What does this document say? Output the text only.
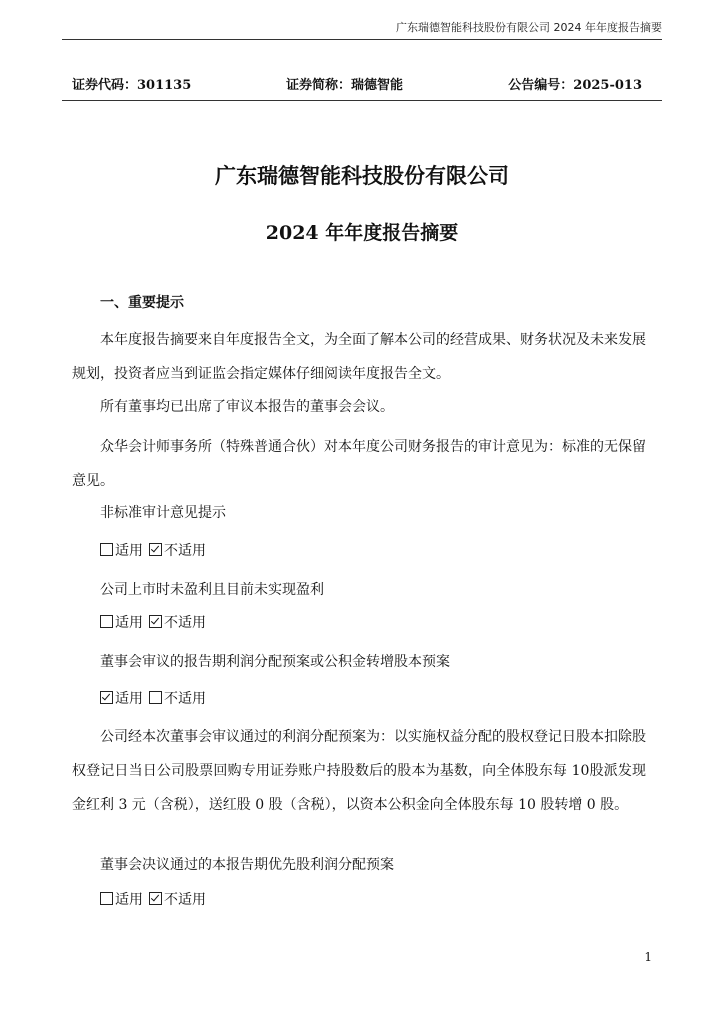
广东瑞德智能科技股份有限公司 2024 年年度报告摘要
证券代码：301135	证券简称：瑞德智能	公告编号：2025-013
广东瑞德智能科技股份有限公司
2024 年年度报告摘要
一、重要提示

本年度报告摘要来自年度报告全文，为全面了解本公司的经营成果、财务状况及未来发展规划，投资者应当到证监会指定媒体仔细阅读年度报告全文。

所有董事均已出席了审议本报告的董事会会议。

众华会计师事务所（特殊普通合伙）对本年度公司财务报告的审计意见为：标准的无保留意见。

非标准审计意见提示

适用 不适用

公司上市时未盈利且目前未实现盈利

适用 不适用

董事会审议的报告期利润分配预案或公积金转增股本预案

适用 不适用

公司经本次董事会审议通过的利润分配预案为：以实施权益分配的股权登记日股本扣除股权登记日当日公司股票回购专用证券账户持股数后的股本为基数，向全体股东每 10股派发现金红利 3 元（含税），送红股 0 股（含税），以资本公积金向全体股东每 10 股转增 0 股。

董事会决议通过的本报告期优先股利润分配预案

适用 不适用
1
